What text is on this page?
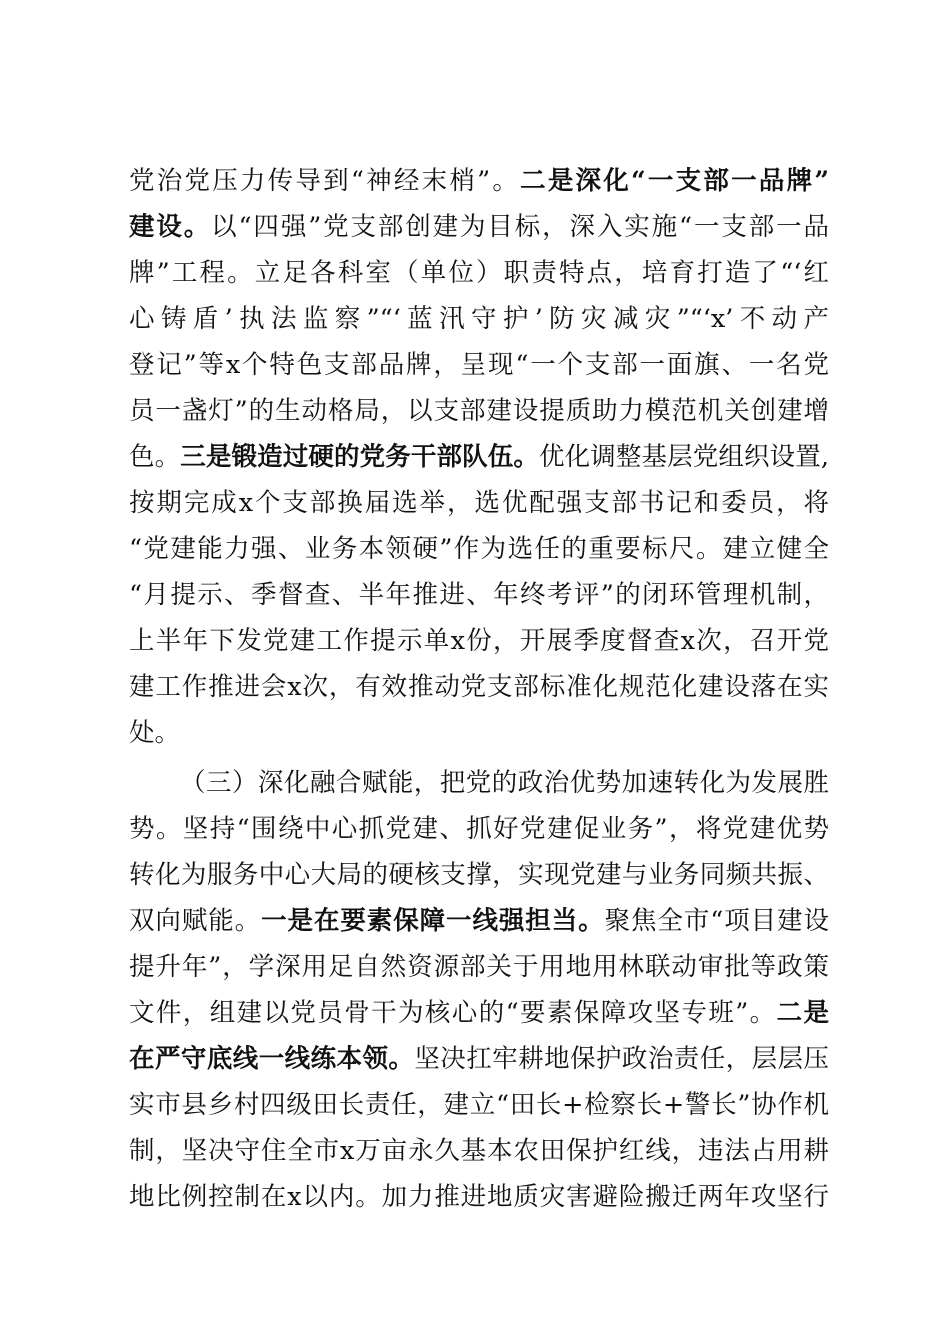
党治党压力传导到“神经末梢”。二是深化“一支部一品牌”
建设。以“四强”党支部创建为目标，深入实施“一支部一品
牌”工程。立足各科室（单位）职责特点，培育打造了“‘红
心铸盾’执法监察”“‘蓝汛守护’防灾减灾”“‘x’不动产
登记”等x个特色支部品牌，呈现“一个支部一面旗、一名党
员一盏灯”的生动格局，以支部建设提质助力模范机关创建增
色。三是锻造过硬的党务干部队伍。优化调整基层党组织设置,
按期完成x个支部换届选举，选优配强支部书记和委员，将
“党建能力强、业务本领硬”作为选任的重要标尺。建立健全
“月提示、季督查、半年推进、年终考评”的闭环管理机制，
上半年下发党建工作提示单x份，开展季度督查x次，召开党
建工作推进会x次，有效推动党支部标准化规范化建设落在实
处。
（三）深化融合赋能，把党的政治优势加速转化为发展胜
势。坚持“围绕中心抓党建、抓好党建促业务”，将党建优势
转化为服务中心大局的硬核支撑，实现党建与业务同频共振、
双向赋能。一是在要素保障一线强担当。聚焦全市“项目建设
提升年”，学深用足自然资源部关于用地用林联动审批等政策
文件，组建以党员骨干为核心的“要素保障攻坚专班”。二是
在严守底线一线练本领。坚决扛牢耕地保护政治责任，层层压
实市县乡村四级田长责任，建立“田长+检察长+警长”协作机
制，坚决守住全市x万亩永久基本农田保护红线，违法占用耕
地比例控制在x以内。加力推进地质灾害避险搬迁两年攻坚行
